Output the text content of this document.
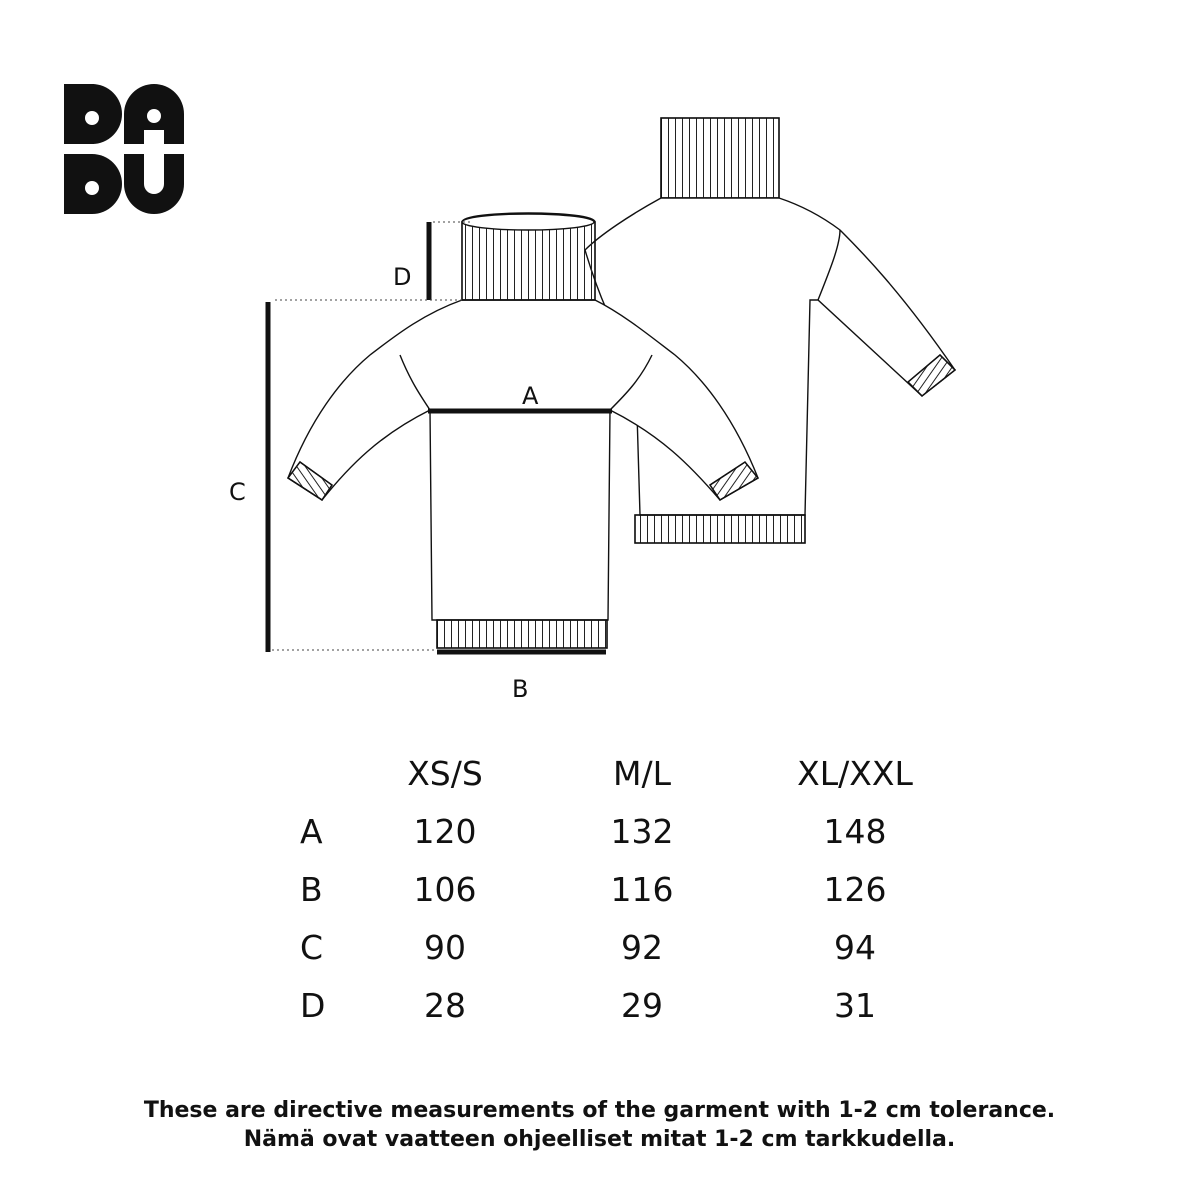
D
C
A
B
XS/S	M/L	XL/XXL
A	120	132	148
B	106	116	126
C	90	92	94
D	28	29	31
These are directive measurements of the garment with 1-2 cm tolerance.
Nämä ovat vaatteen ohjeelliset mitat 1-2 cm tarkkudella.
